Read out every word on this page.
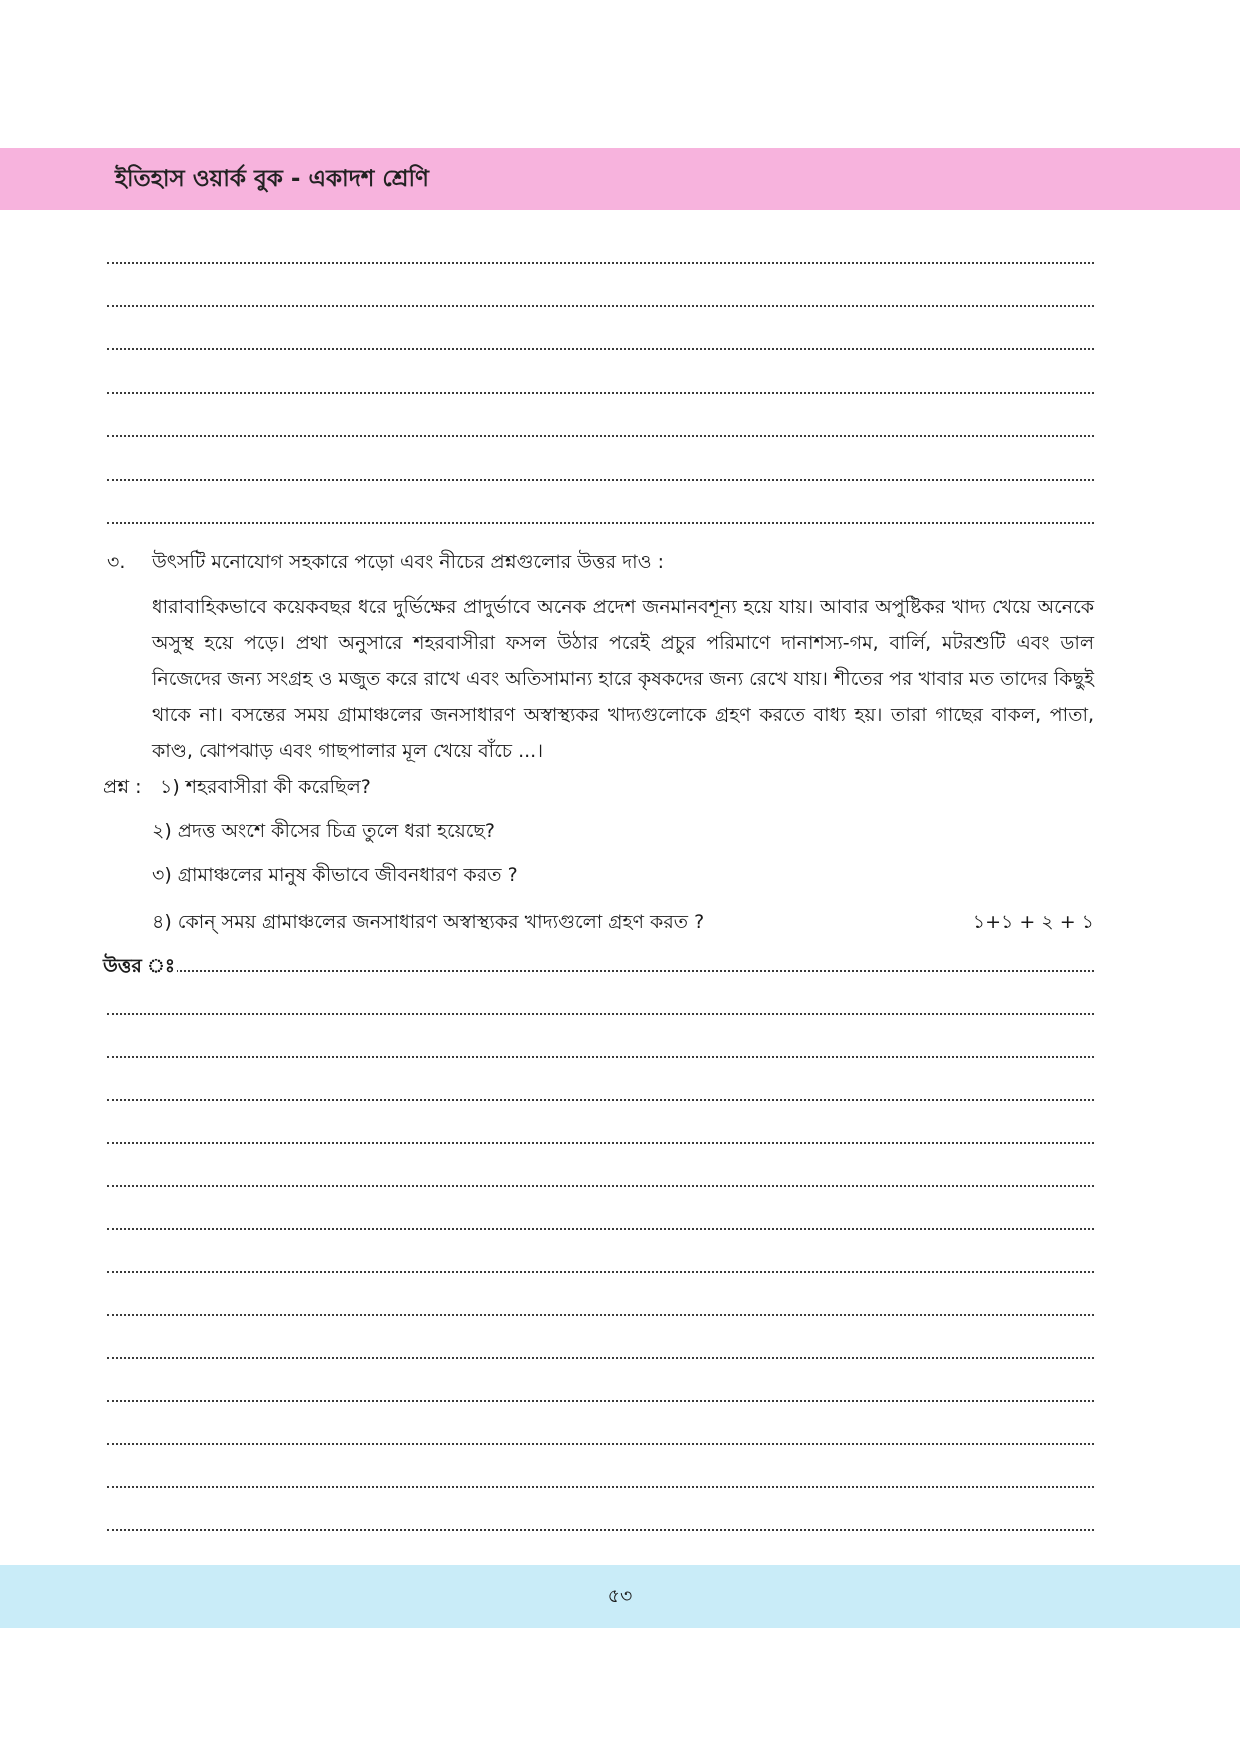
ইতিহাস ওয়ার্ক বুক - একাদশ শ্রেণি
৩. উৎসটি মনোযোগ সহকারে পড়ো এবং নীচের প্রশ্নগুলোর উত্তর দাও :
ধারাবাহিকভাবে কয়েকবছর ধরে দুর্ভিক্ষের প্রাদুর্ভাবে অনেক প্রদেশ জনমানবশূন্য হয়ে যায়। আবার অপুষ্টিকর খাদ্য খেয়ে অনেকে অসুস্থ হয়ে পড়ে। প্রথা অনুসারে শহরবাসীরা ফসল উঠার পরেই প্রচুর পরিমাণে দানাশস্য-গম, বার্লি, মটরশুটি এবং ডাল নিজেদের জন্য সংগ্রহ ও মজুত করে রাখে এবং অতিসামান্য হারে কৃষকদের জন্য রেখে যায়। শীতের পর খাবার মত তাদের কিছুই থাকে না। বসন্তের সময় গ্রামাঞ্চলের জনসাধারণ অস্বাস্থ্যকর খাদ্যগুলোকে গ্রহণ করতে বাধ্য হয়। তারা গাছের বাকল, পাতা, কাণ্ড, ঝোপঝাড় এবং গাছপালার মূল খেয়ে বাঁচে ...।
প্রশ্ন : ১) শহরবাসীরা কী করেছিল?
২) প্রদত্ত অংশে কীসের চিত্র তুলে ধরা হয়েছে?
৩) গ্রামাঞ্চলের মানুষ কীভাবে জীবনধারণ করত ?
৪) কোন্ সময় গ্রামাঞ্চলের জনসাধারণ অস্বাস্থ্যকর খাদ্যগুলো গ্রহণ করত ?	১+১ + ২ + ১
উত্তর ঃ
৫৩
